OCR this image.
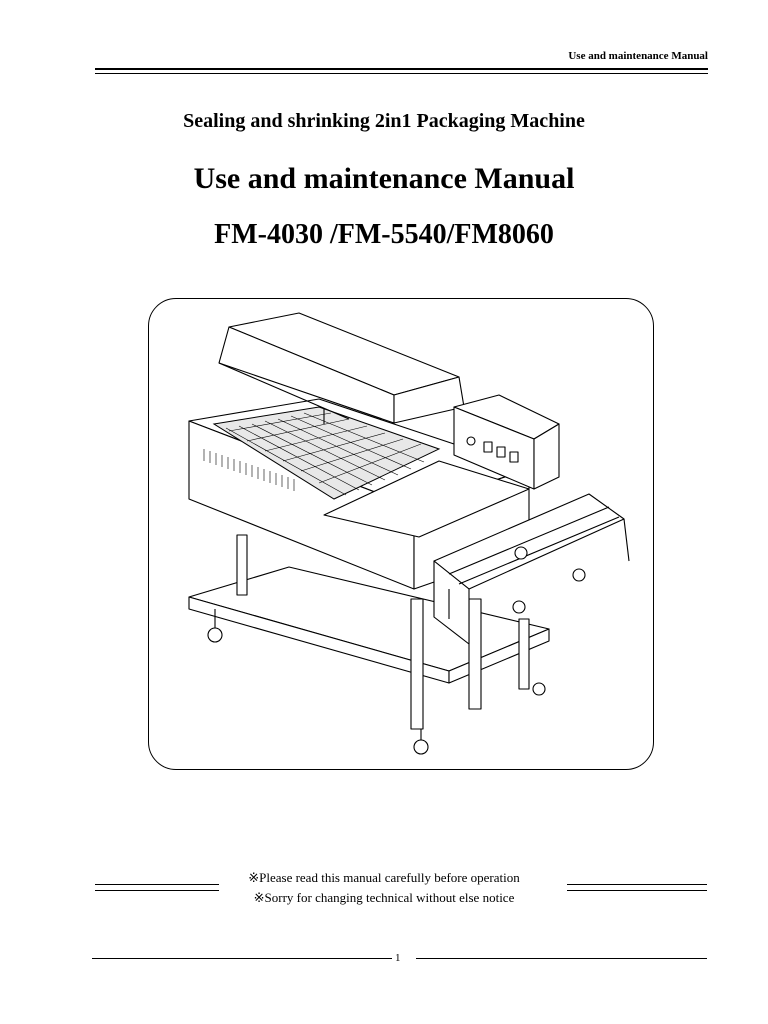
Use and maintenance Manual
Sealing and shrinking 2in1 Packaging Machine
Use and maintenance Manual
FM-4030 /FM-5540/FM8060
※Please read this manual carefully before operation
※Sorry for changing technical without else notice
1
